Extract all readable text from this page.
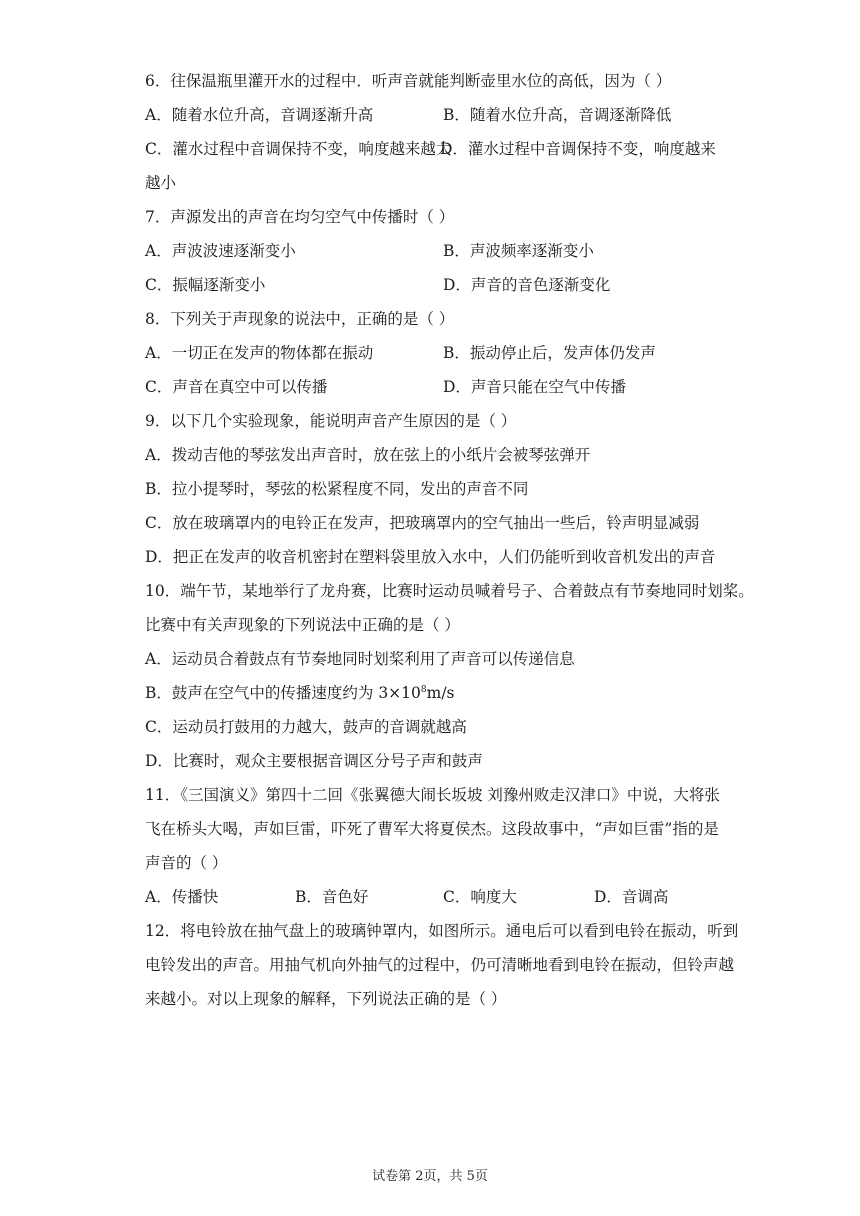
6．往保温瓶里灌开水的过程中．听声音就能判断壶里水位的高低，因为（ ）
A．随着水位升高，音调逐渐升高	B．随着水位升高，音调逐渐降低
C．灌水过程中音调保持不变，响度越来越大
D．灌水过程中音调保持不变，响度越来
越小
7．声源发出的声音在均匀空气中传播时（ ）
A．声波波速逐渐变小	B．声波频率逐渐变小
C．振幅逐渐变小	D．声音的音色逐渐变化
8．下列关于声现象的说法中，正确的是（ ）
A．一切正在发声的物体都在振动	B．振动停止后，发声体仍发声
C．声音在真空中可以传播	D．声音只能在空气中传播
9．以下几个实验现象，能说明声音产生原因的是（ ）
A．拨动吉他的琴弦发出声音时，放在弦上的小纸片会被琴弦弹开
B．拉小提琴时，琴弦的松紧程度不同，发出的声音不同
C．放在玻璃罩内的电铃正在发声，把玻璃罩内的空气抽出一些后，铃声明显减弱
D．把正在发声的收音机密封在塑料袋里放入水中，人们仍能听到收音机发出的声音
10．端午节，某地举行了龙舟赛，比赛时运动员喊着号子、合着鼓点有节奏地同时划桨。
比赛中有关声现象的下列说法中正确的是（ ）
A．运动员合着鼓点有节奏地同时划桨利用了声音可以传递信息
B．鼓声在空气中的传播速度约为 $3\times 10^8m/s$
C．运动员打鼓用的力越大，鼓声的音调就越高
D．比赛时，观众主要根据音调区分号子声和鼓声
11．《三国演义》第四十二回《张翼德大闹长坂坡 刘豫州败走汉津口》中说，大将张
飞在桥头大喝，声如巨雷，吓死了曹军大将夏侯杰。这段故事中，“声如巨雷”指的是
声音的（ ）
A．传播快	B．音色好	C．响度大	D．音调高
12．将电铃放在抽气盘上的玻璃钟罩内，如图所示。通电后可以看到电铃在振动，听到
电铃发出的声音。用抽气机向外抽气的过程中，仍可清晰地看到电铃在振动，但铃声越
来越小。对以上现象的解释，下列说法正确的是（ ）
试卷第 2页，共 5页
